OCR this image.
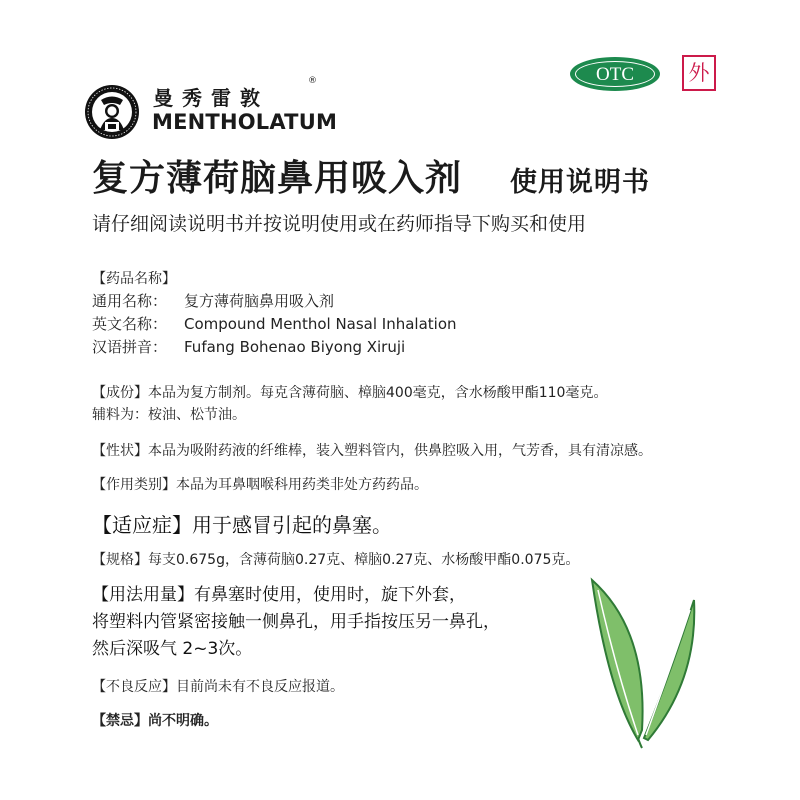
曼秀雷敦
®
MENTHOLATUM
OTC	外
复方薄荷脑鼻用吸入剂 使用说明书
请仔细阅读说明书并按说明使用或在药师指导下购买和使用
【药品名称】
通用名称： 复方薄荷脑鼻用吸入剂
英文名称： Compound Menthol Nasal Inhalation
汉语拼音： Fufang Bohenao Biyong Xiruji
【成份】本品为复方制剂。每克含薄荷脑、樟脑400毫克，含水杨酸甲酯110毫克。
辅料为：桉油、松节油。
【性状】本品为吸附药液的纤维棒，装入塑料管内，供鼻腔吸入用，气芳香，具有清凉感。
【作用类别】本品为耳鼻咽喉科用药类非处方药药品。
【适应症】用于感冒引起的鼻塞。
【规格】每支0.675g，含薄荷脑0.27克、樟脑0.27克、水杨酸甲酯0.075克。
【用法用量】有鼻塞时使用，使用时，旋下外套，
将塑料内管紧密接触一侧鼻孔，用手指按压另一鼻孔，
然后深吸气 2~3次。
【不良反应】目前尚未有不良反应报道。
【禁忌】尚不明确。
